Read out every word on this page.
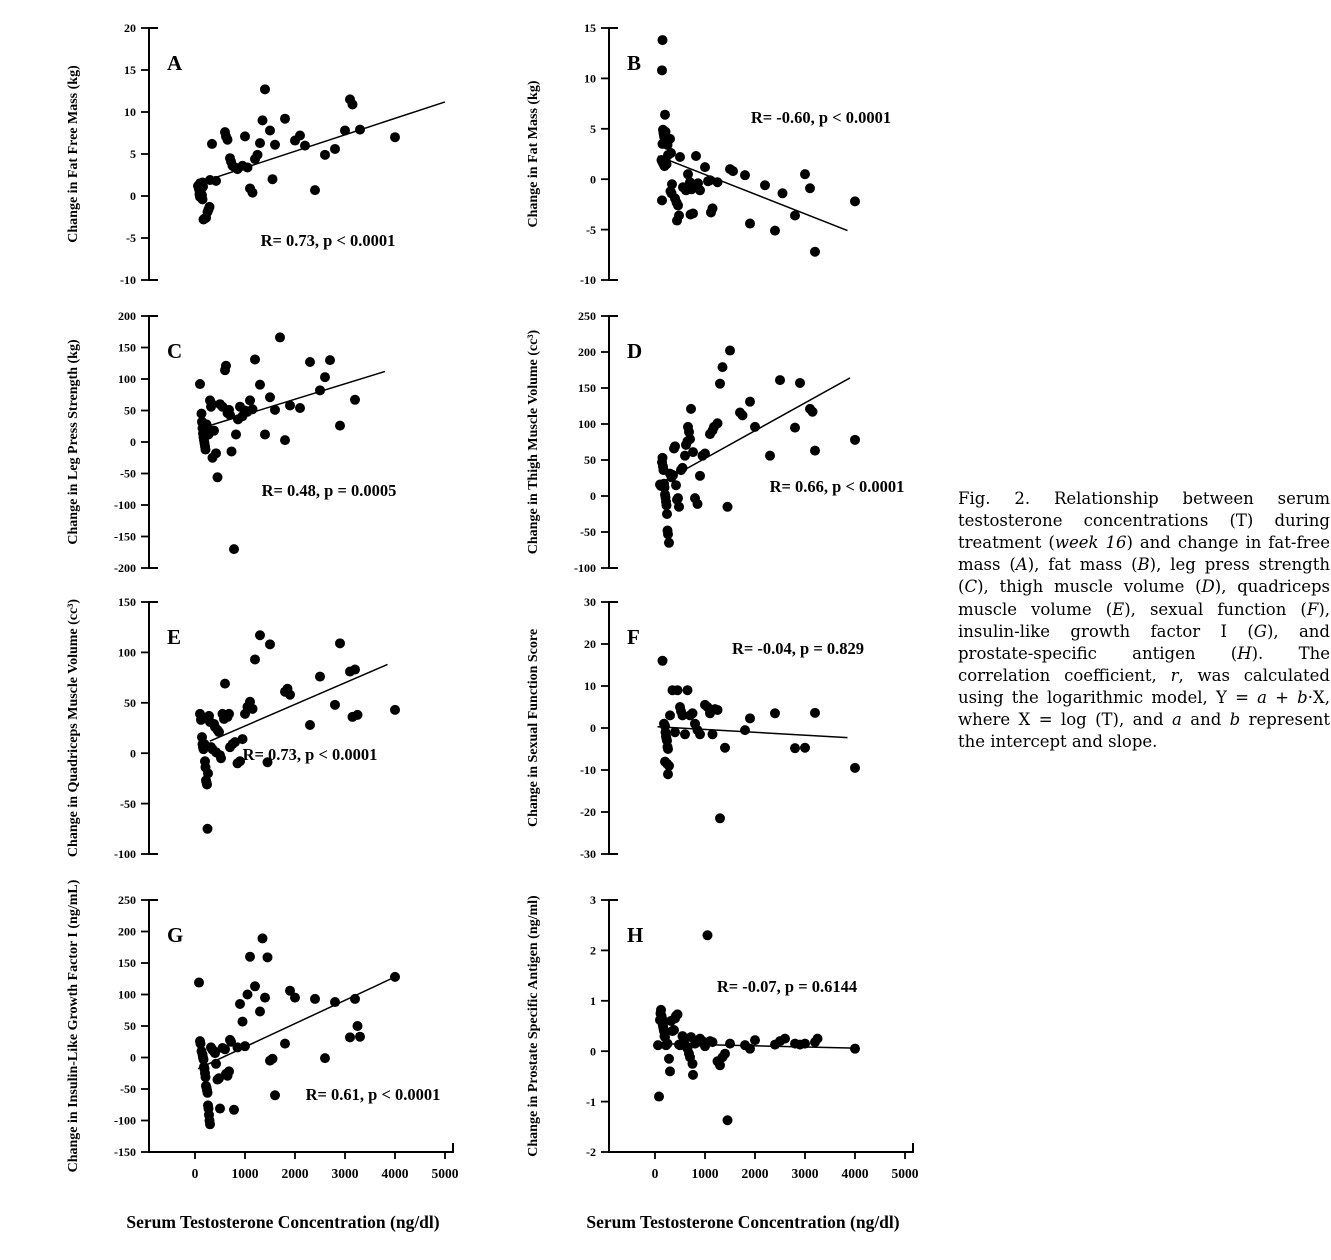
20
15
10
5
0
-5
-10
Change in Fat Free Mass (kg)
A
R= 0.73, p < 0.0001
15
10
5
0
-5
-10
Change in Fat Mass (kg)
B
R= -0.60, p < 0.0001
200
150
100
50
0
-50
-100
-150
-200
Change in Leg Press Strength (kg)	C
R= 0.48, p = 0.0005
250
200
150
100
50
0
-50
-100
Change in Thigh Muscle Volume (cc³)	D
R= 0.66, p < 0.0001
150
100
50
0
-50
-100
Change in Quadriceps Muscle Volume (cc³)	E
R= 0.73, p < 0.0001
30
20
10
0
-10
-20
-30
Change in Sexual Function Score	F	R= -0.04, p = 0.829
250
200
150
100
50
0
-50
-100
-150
Change in Insulin-Like Growth Factor I (ng/mL)
0 1000 2000 3000 4000 5000
G
R= 0.61, p < 0.0001
3
2
1
0
-1
-2
Change in Prostate Specific Antigen (ng/ml)
0 1000 2000 3000 4000 5000
H
R= -0.07, p = 0.6144
Serum Testosterone Concentration (ng/dl)	Serum Testosterone Concentration (ng/dl)
Fig. 2. Relationship between serum testosterone concentrations (T) during treatment (week 16) and change in fat-free mass (A), fat mass (B), leg press strength (C), thigh muscle volume (D), quadriceps muscle volume (E), sexual function (F), insulin-like growth factor I (G), and prostate-specific antigen (H). The correlation coefficient, r, was calculated using the logarithmic model, Y = a + b·X, where X = log (T), and a and b represent the intercept and slope.
